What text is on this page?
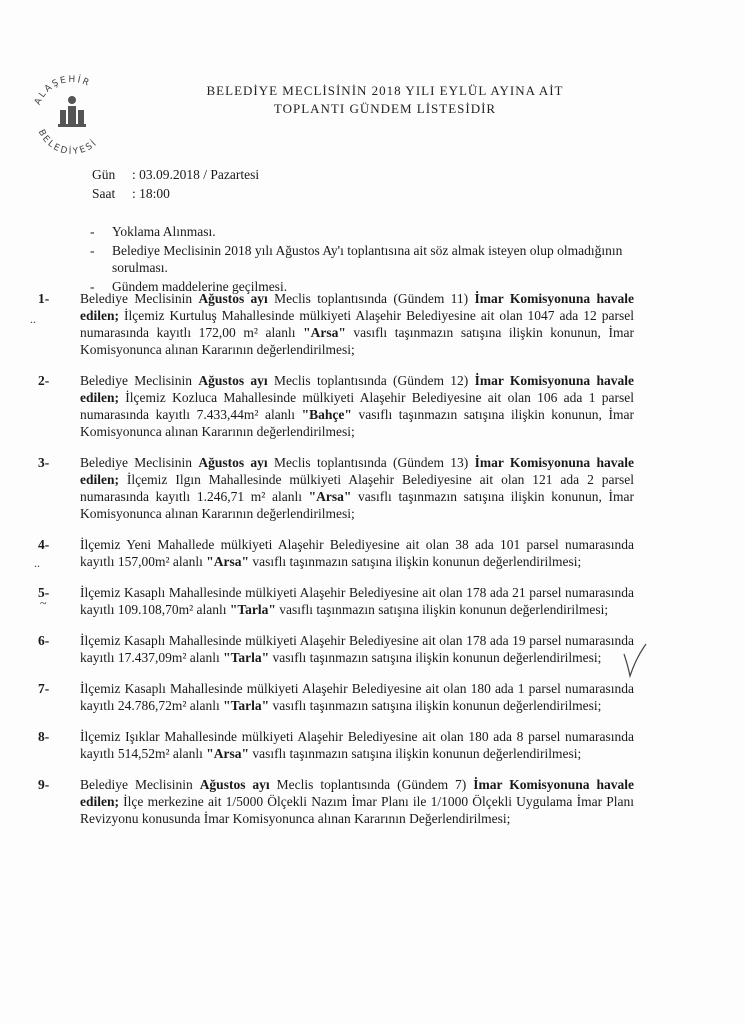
ALAŞEHİR
BELEDİYESİ
BELEDİYE MECLİSİNİN 2018 YILI EYLÜL AYINA AİT
TOPLANTI GÜNDEM LİSTESİDİR
Gün	: 03.09.2018 / Pazartesi
Saat	: 18:00
-	Yoklama Alınması.
-	Belediye Meclisinin 2018 yılı Ağustos Ay'ı toplantısına ait söz almak isteyen olup olmadığının sorulması.
-	Gündem maddelerine geçilmesi.
1-	Belediye Meclisinin Ağustos ayı Meclis toplantısında (Gündem 11) İmar Komisyonuna havale edilen; İlçemiz Kurtuluş Mahallesinde mülkiyeti Alaşehir Belediyesine ait olan 1047 ada 12 parsel numarasında kayıtlı 172,00 m² alanlı "Arsa" vasıflı taşınmazın satışına ilişkin konunun, İmar Komisyonunca alınan Kararının değerlendirilmesi;
2-	Belediye Meclisinin Ağustos ayı Meclis toplantısında (Gündem 12) İmar Komisyonuna havale edilen; İlçemiz Kozluca Mahallesinde mülkiyeti Alaşehir Belediyesine ait olan 106 ada 1 parsel numarasında kayıtlı 7.433,44m² alanlı "Bahçe" vasıflı taşınmazın satışına ilişkin konunun, İmar Komisyonunca alınan Kararının değerlendirilmesi;
3-	Belediye Meclisinin Ağustos ayı Meclis toplantısında (Gündem 13) İmar Komisyonuna havale edilen; İlçemiz Ilgın Mahallesinde mülkiyeti Alaşehir Belediyesine ait olan 121 ada 2 parsel numarasında kayıtlı 1.246,71 m² alanlı "Arsa" vasıflı taşınmazın satışına ilişkin konunun, İmar Komisyonunca alınan Kararının değerlendirilmesi;
4-	İlçemiz Yeni Mahallede mülkiyeti Alaşehir Belediyesine ait olan 38 ada 101 parsel numarasında kayıtlı 157,00m² alanlı "Arsa" vasıflı taşınmazın satışına ilişkin konunun değerlendirilmesi;
5-	İlçemiz Kasaplı Mahallesinde mülkiyeti Alaşehir Belediyesine ait olan 178 ada 21 parsel numarasında kayıtlı 109.108,70m² alanlı "Tarla" vasıflı taşınmazın satışına ilişkin konunun değerlendirilmesi;
6-	İlçemiz Kasaplı Mahallesinde mülkiyeti Alaşehir Belediyesine ait olan 178 ada 19 parsel numarasında kayıtlı 17.437,09m² alanlı "Tarla" vasıflı taşınmazın satışına ilişkin konunun değerlendirilmesi;
7-	İlçemiz Kasaplı Mahallesinde mülkiyeti Alaşehir Belediyesine ait olan 180 ada 1 parsel numarasında kayıtlı 24.786,72m² alanlı "Tarla" vasıflı taşınmazın satışına ilişkin konunun değerlendirilmesi;
8-	İlçemiz Işıklar Mahallesinde mülkiyeti Alaşehir Belediyesine ait olan 180 ada 8 parsel numarasında kayıtlı 514,52m² alanlı "Arsa" vasıflı taşınmazın satışına ilişkin konunun değerlendirilmesi;
9-	Belediye Meclisinin Ağustos ayı Meclis toplantısında (Gündem 7) İmar Komisyonuna havale edilen; İlçe merkezine ait 1/5000 Ölçekli Nazım İmar Planı ile 1/1000 Ölçekli Uygulama İmar Planı Revizyonu konusunda İmar Komisyonunca alınan Kararının Değerlendirilmesi;
..
..
~
